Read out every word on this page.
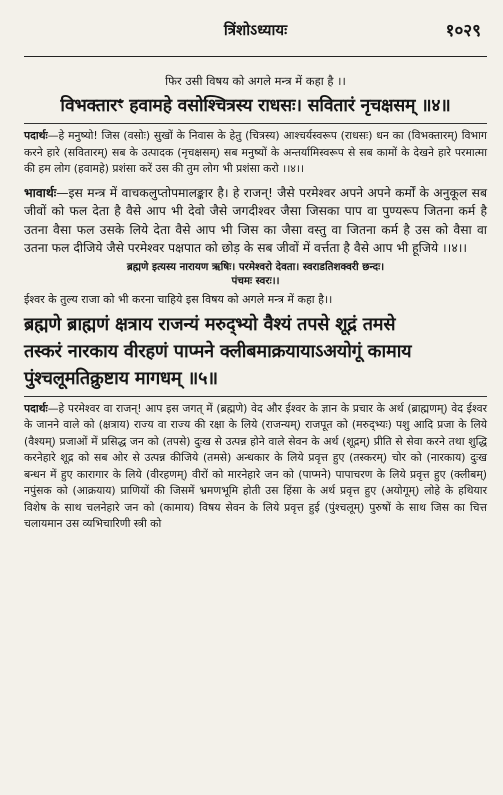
त्रिंशोऽध्यायः	१०२९
फिर उसी विषय को अगले मन्त्र में कहा है ।।
विभक्तारꣳ हवामहे वसोश्चित्रस्य राधसः। सवितारं नृचक्षसम् ॥४॥

पदार्थः—हे मनुष्यो! जिस (वसोः) सुखों के निवास के हेतु (चित्रस्य) आश्चर्यस्वरूप (राधसः) धन का (विभक्तारम्) विभाग करने हारे (सवितारम्) सब के उत्पादक (नृचक्षसम्) सब मनुष्यों के अन्तर्यामिस्वरूप से सब कामों के देखने हारे परमात्मा की हम लोग (हवामहे) प्रशंसा करें उस की तुम लोग भी प्रशंसा करो ।।४।।

भावार्थः—इस मन्त्र में वाचकलुप्तोपमालङ्कार है। हे राजन्! जैसे परमेश्वर अपने अपने कर्मों के अनुकूल सब जीवों को फल देता है वैसे आप भी देवो जैसे जगदीश्वर जैसा जिसका पाप वा पुण्यरूप जितना कर्म है उतना वैसा फल उसके लिये देता वैसे आप भी जिस का जैसा वस्तु वा जितना कर्म है उस को वैसा वा उतना फल दीजिये जैसे परमेश्वर पक्षपात को छोड़ के सब जीवों में वर्त्तता है वैसे आप भी हूजिये ।।४।।

ब्रह्मणे इत्यस्य नारायण ऋषिः। परमेश्वरो देवता। स्वराडतिशक्वरी छन्दः।
पंचमः स्वरः।।
ईश्वर के तुल्य राजा को भी करना चाहिये इस विषय को अगले मन्त्र में कहा है।।
ब्रह्मणे ब्राह्मणं क्षत्राय राजन्यं मरुद्भ्यो वैश्यं तपसे शूद्रं तमसे
तस्करं नारकाय वीरहणं पाप्मने क्लीबमाक्रयायाऽअयोगूं कामाय
पुंश्चलूमतिक्रुष्टाय मागधम् ॥५॥

पदार्थः—हे परमेश्वर वा राजन्! आप इस जगत् में (ब्रह्मणे) वेद और ईश्वर के ज्ञान के प्रचार के अर्थ (ब्राह्मणम्) वेद ईश्वर के जानने वाले को (क्षत्राय) राज्य वा राज्य की रक्षा के लिये (राजन्यम्) राजपूत को (मरुद्भ्यः) पशु आदि प्रजा के लिये (वैश्यम्) प्रजाओं में प्रसिद्ध जन को (तपसे) दुःख से उत्पन्न होने वाले सेवन के अर्थ (शूद्रम्) प्रीति से सेवा करने तथा शुद्धि करनेहारे शूद्र को सब ओर से उत्पन्न कीजिये (तमसे) अन्धकार के लिये प्रवृत्त हुए (तस्करम्) चोर को (नारकाय) दुःख बन्धन में हुए कारागार के लिये (वीरहणम्) वीरों को मारनेहारे जन को (पाप्मने) पापाचरण के लिये प्रवृत्त हुए (क्लीबम्) नपुंसक को (आक्रयाय) प्राणियों की जिसमें भ्रमणभूमि होती उस हिंसा के अर्थ प्रवृत्त हुए (अयोगूम्) लोहे के हथियार विशेष के साथ चलनेहारे जन को (कामाय) विषय सेवन के लिये प्रवृत्त हुई (पुंश्चलूम्) पुरुषों के साथ जिस का चित्त चलायमान उस व्यभिचारिणी स्त्री को
